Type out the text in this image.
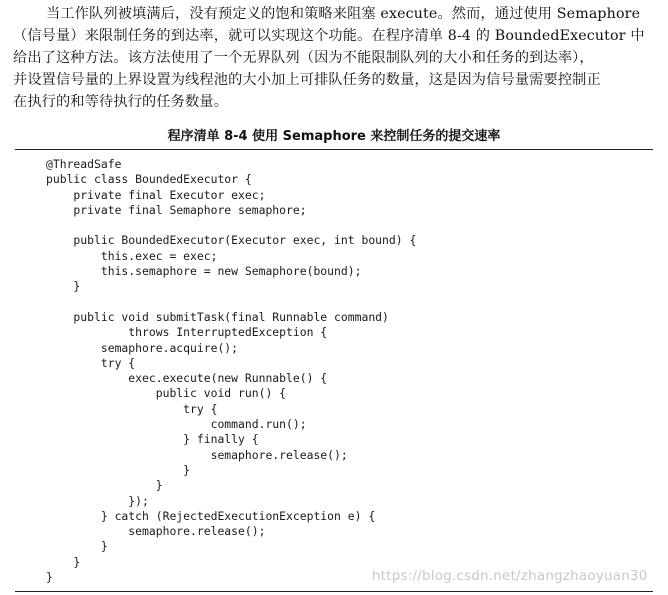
当工作队列被填满后，没有预定义的饱和策略来阻塞 execute。然而，通过使用 Semaphore
（信号量）来限制任务的到达率，就可以实现这个功能。在程序清单 8-4 的 BoundedExecutor 中
给出了这种方法。该方法使用了一个无界队列（因为不能限制队列的大小和任务的到达率），
并设置信号量的上界设置为线程池的大小加上可排队任务的数量，这是因为信号量需要控制正
在执行的和等待执行的任务数量。
程序清单 8-4 使用 Semaphore 来控制任务的提交速率
@ThreadSafe
public class BoundedExecutor {
private final Executor exec;
private final Semaphore semaphore;
public BoundedExecutor(Executor exec, int bound) {
this.exec = exec;
this.semaphore = new Semaphore(bound);
}
public void submitTask(final Runnable command)
throws InterruptedException {
semaphore.acquire();
try {
exec.execute(new Runnable() {
public void run() {
try {
command.run();
} finally {
semaphore.release();
}
}
});
} catch (RejectedExecutionException e) {
semaphore.release();
}
}
}	https://blog.csdn.net/zhangzhaoyuan30
